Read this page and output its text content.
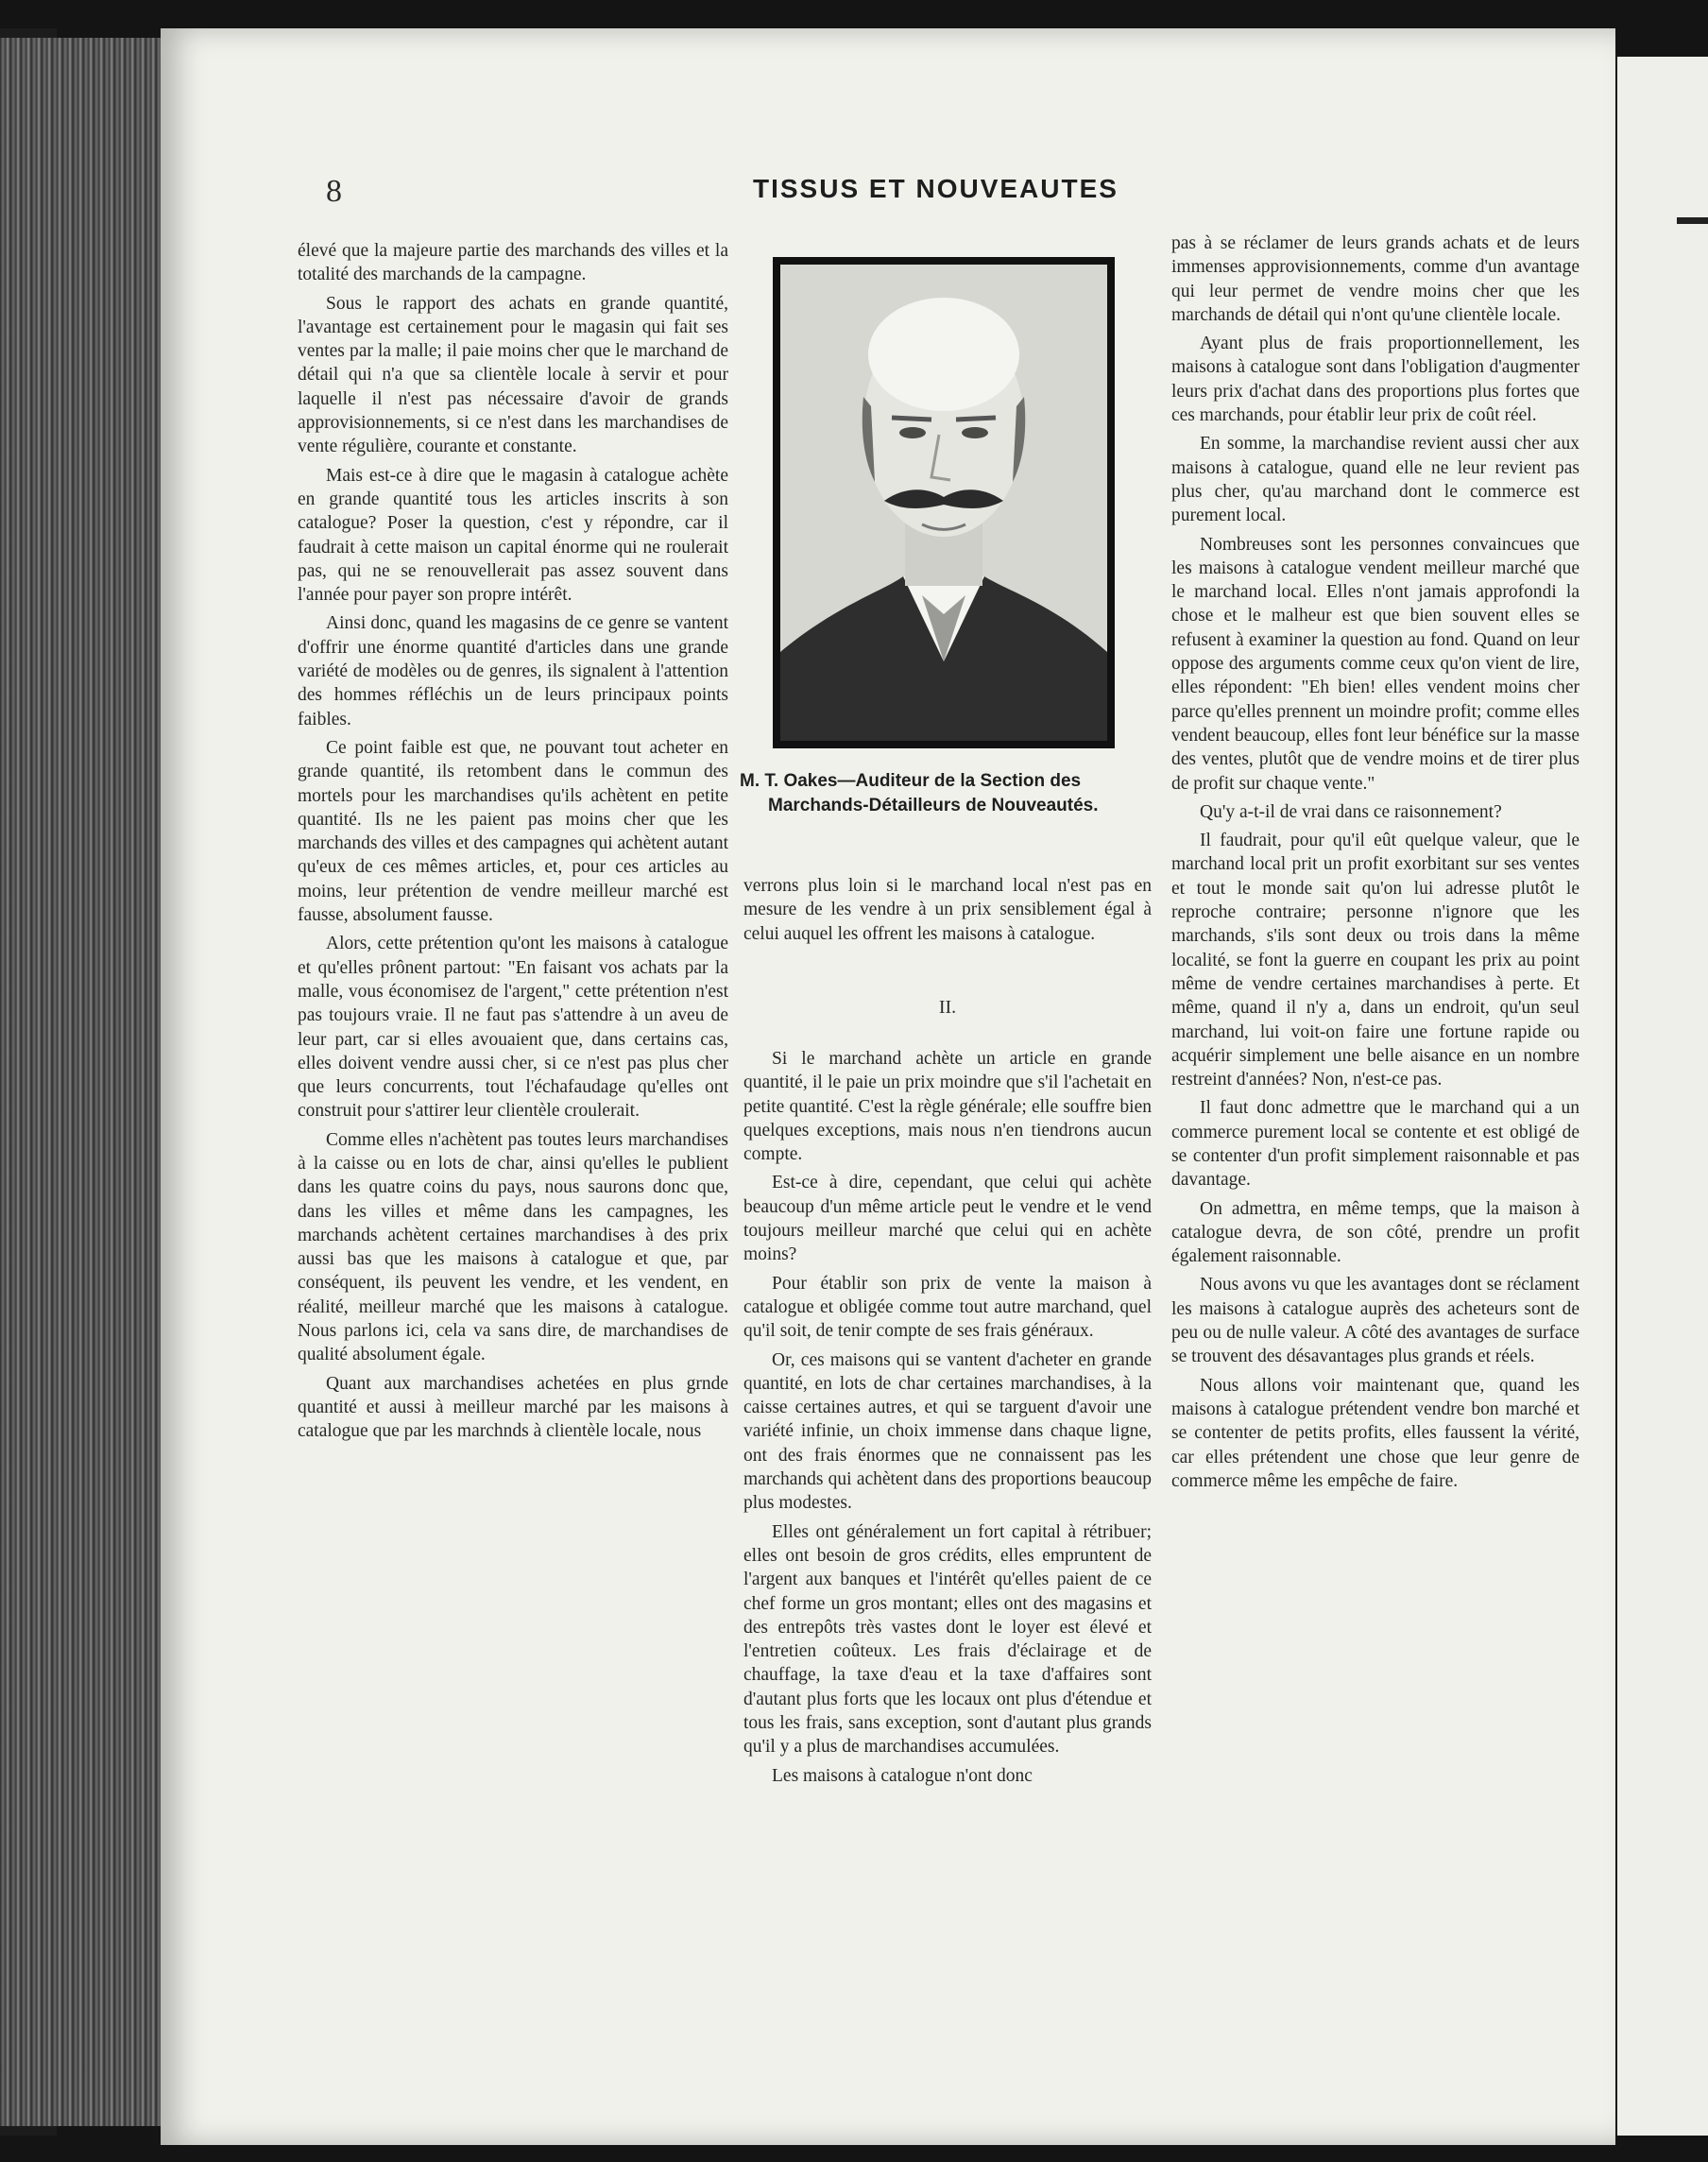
8	TISSUS ET NOUVEAUTES

élevé que la majeure partie des marchands des villes et la totalité des marchands de la campagne.

Sous le rapport des achats en grande quantité, l'avantage est certainement pour le magasin qui fait ses ventes par la malle; il paie moins cher que le marchand de détail qui n'a que sa clientèle locale à servir et pour laquelle il n'est pas nécessaire d'avoir de grands approvisionnements, si ce n'est dans les marchandises de vente régulière, courante et constante.

Mais est-ce à dire que le magasin à catalogue achète en grande quantité tous les articles inscrits à son catalogue? Poser la question, c'est y répondre, car il faudrait à cette maison un capital énorme qui ne roulerait pas, qui ne se renouvellerait pas assez souvent dans l'année pour payer son propre intérêt.

Ainsi donc, quand les magasins de ce genre se vantent d'offrir une énorme quantité d'articles dans une grande variété de modèles ou de genres, ils signalent à l'attention des hommes réfléchis un de leurs principaux points faibles.

Ce point faible est que, ne pouvant tout acheter en grande quantité, ils retombent dans le commun des mortels pour les marchandises qu'ils achètent en petite quantité. Ils ne les paient pas moins cher que les marchands des villes et des campagnes qui achètent autant qu'eux de ces mêmes articles, et, pour ces articles au moins, leur prétention de vendre meilleur marché est fausse, absolument fausse.

Alors, cette prétention qu'ont les maisons à catalogue et qu'elles prônent partout: "En faisant vos achats par la malle, vous économisez de l'argent," cette prétention n'est pas toujours vraie. Il ne faut pas s'attendre à un aveu de leur part, car si elles avouaient que, dans certains cas, elles doivent vendre aussi cher, si ce n'est pas plus cher que leurs concurrents, tout l'échafaudage qu'elles ont construit pour s'attirer leur clientèle croulerait.

Comme elles n'achètent pas toutes leurs marchandises à la caisse ou en lots de char, ainsi qu'elles le publient dans les quatre coins du pays, nous saurons donc que, dans les villes et même dans les campagnes, les marchands achètent certaines marchandises à des prix aussi bas que les maisons à catalogue et que, par conséquent, ils peuvent les vendre, et les vendent, en réalité, meilleur marché que les maisons à catalogue. Nous parlons ici, cela va sans dire, de marchandises de qualité absolument égale.

Quant aux marchandises achetées en plus grnde quantité et aussi à meilleur marché par les maisons à catalogue que par les marchnds à clientèle locale, nous

M. T. Oakes—Auditeur de la Section des Marchands-Détailleurs de Nouveautés.

verrons plus loin si le marchand local n'est pas en mesure de les vendre à un prix sensiblement égal à celui auquel les offrent les maisons à catalogue.

II.

Si le marchand achète un article en grande quantité, il le paie un prix moindre que s'il l'achetait en petite quantité. C'est la règle générale; elle souffre bien quelques exceptions, mais nous n'en tiendrons aucun compte.

Est-ce à dire, cependant, que celui qui achète beaucoup d'un même article peut le vendre et le vend toujours meilleur marché que celui qui en achète moins?

Pour établir son prix de vente la maison à catalogue et obligée comme tout autre marchand, quel qu'il soit, de tenir compte de ses frais généraux.

Or, ces maisons qui se vantent d'acheter en grande quantité, en lots de char certaines marchandises, à la caisse certaines autres, et qui se targuent d'avoir une variété infinie, un choix immense dans chaque ligne, ont des frais énormes que ne connaissent pas les marchands qui achètent dans des proportions beaucoup plus modestes.

Elles ont généralement un fort capital à rétribuer; elles ont besoin de gros crédits, elles empruntent de l'argent aux banques et l'intérêt qu'elles paient de ce chef forme un gros montant; elles ont des magasins et des entrepôts très vastes dont le loyer est élevé et l'entretien coûteux. Les frais d'éclairage et de chauffage, la taxe d'eau et la taxe d'affaires sont d'autant plus forts que les locaux ont plus d'étendue et tous les frais, sans exception, sont d'autant plus grands qu'il y a plus de marchandises accumulées.

Les maisons à catalogue n'ont donc

pas à se réclamer de leurs grands achats et de leurs immenses approvisionnements, comme d'un avantage qui leur permet de vendre moins cher que les marchands de détail qui n'ont qu'une clientèle locale.

Ayant plus de frais proportionnellement, les maisons à catalogue sont dans l'obligation d'augmenter leurs prix d'achat dans des proportions plus fortes que ces marchands, pour établir leur prix de coût réel.

En somme, la marchandise revient aussi cher aux maisons à catalogue, quand elle ne leur revient pas plus cher, qu'au marchand dont le commerce est purement local.

Nombreuses sont les personnes convaincues que les maisons à catalogue vendent meilleur marché que le marchand local. Elles n'ont jamais approfondi la chose et le malheur est que bien souvent elles se refusent à examiner la question au fond. Quand on leur oppose des arguments comme ceux qu'on vient de lire, elles répondent: "Eh bien! elles vendent moins cher parce qu'elles prennent un moindre profit; comme elles vendent beaucoup, elles font leur bénéfice sur la masse des ventes, plutôt que de vendre moins et de tirer plus de profit sur chaque vente."

Qu'y a-t-il de vrai dans ce raisonnement?

Il faudrait, pour qu'il eût quelque valeur, que le marchand local prit un profit exorbitant sur ses ventes et tout le monde sait qu'on lui adresse plutôt le reproche contraire; personne n'ignore que les marchands, s'ils sont deux ou trois dans la même localité, se font la guerre en coupant les prix au point même de vendre certaines marchandises à perte. Et même, quand il n'y a, dans un endroit, qu'un seul marchand, lui voit-on faire une fortune rapide ou acquérir simplement une belle aisance en un nombre restreint d'années? Non, n'est-ce pas.

Il faut donc admettre que le marchand qui a un commerce purement local se contente et est obligé de se contenter d'un profit simplement raisonnable et pas davantage.

On admettra, en même temps, que la maison à catalogue devra, de son côté, prendre un profit également raisonnable.

Nous avons vu que les avantages dont se réclament les maisons à catalogue auprès des acheteurs sont de peu ou de nulle valeur. A côté des avantages de surface se trouvent des désavantages plus grands et réels.

Nous allons voir maintenant que, quand les maisons à catalogue prétendent vendre bon marché et se contenter de petits profits, elles faussent la vérité, car elles prétendent une chose que leur genre de commerce même les empêche de faire.
